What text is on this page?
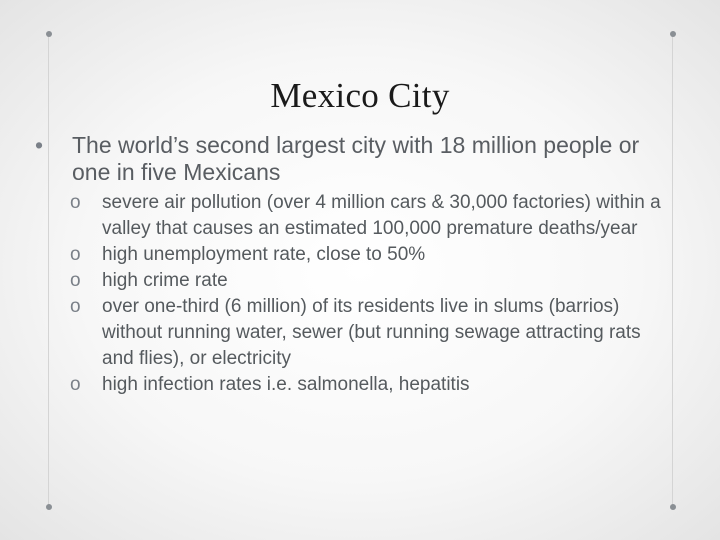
Mexico City
• The world’s second largest city with 18 million people or one in five Mexicans
o severe air pollution (over 4 million cars & 30,000 factories) within a valley that causes an estimated 100,000 premature deaths/year
o high unemployment rate, close to 50%
o high crime rate
o over one-third (6 million) of its residents live in slums (barrios) without running water, sewer (but running sewage attracting rats and flies), or electricity
o high infection rates i.e. salmonella, hepatitis
